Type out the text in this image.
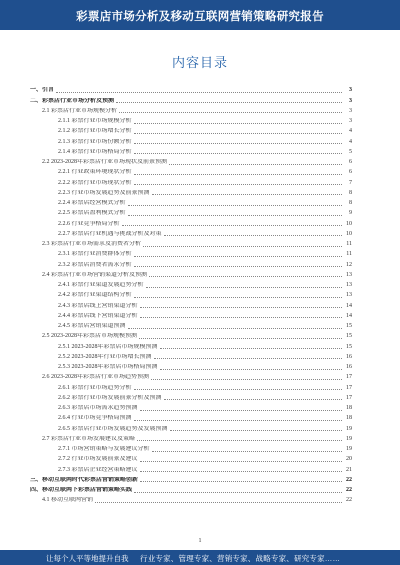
彩票店市场分析及移动互联网营销策略研究报告
内容目录
一、引言	3
二、彩票店行业市场分析及预测	3
2.1 彩票店行业市场规模分析	3
2.1.1 彩票行业市场规模分析	3
2.1.2 彩票行业市场增长分析	4
2.1.3 彩票行业市场份额分析	4
2.1.4 彩票行业市场格局分析	5
2.2 2023-2028年彩票店行业市场现状及前景预测	6
2.2.1 行业政策环境现状分析	6
2.2.2 彩票行业市场现状分析	7
2.2.3 行业市场发展趋势及前景预测	8
2.2.4 彩票店经营模式分析	8
2.2.5 彩票店盈利模式分析	9
2.2.6 行业竞争格局分析	10
2.2.7 彩票店行业机遇与挑战分析及对策	10
2.3 彩票店行业市场需求及消费者分析	11
2.3.1 彩票行业消费群体分析	11
2.3.2 彩票店消费者需求分析	12
2.4 彩票店行业市场营销渠道分析及预测	13
2.4.1 彩票行业渠道发展趋势分析	13
2.4.2 彩票行业渠道结构分析	13
2.4.3 彩票店线上营销渠道分析	14
2.4.4 彩票店线下营销渠道分析	14
2.4.5 彩票店营销渠道预测	15
2.5 2023-2028年彩票店市场规模预测	15
2.5.1 2023-2028年彩票店市场规模预测	15
2.5.2 2023-2028年行业市场增长预测	16
2.5.3 2023-2028年彩票店市场格局预测	16
2.6 2023-2028年彩票店行业市场趋势预测	17
2.6.1 彩票行业市场趋势分析	17
2.6.2 彩票行业市场发展前景分析及预测	17
2.6.3 彩票店市场需求趋势预测	18
2.6.4 行业市场竞争格局预测	18
2.6.5 彩票店行业市场发展趋势及发展预测	19
2.7 彩票店行业市场发展建议及策略	19
2.7.1 市场营销策略与发展建议分析	19
2.7.2 行业市场发展前景及建议	20
2.7.3 彩票店企业经营策略建议	21
三、移动互联网时代彩票店营销策略创新	22
四、移动互联网下彩票店营销策略实践	22
4.1 移动互联网营销	22
1
让每个人平等地提升自我 行业专家、管理专家、营销专家、战略专家、研究专家……
